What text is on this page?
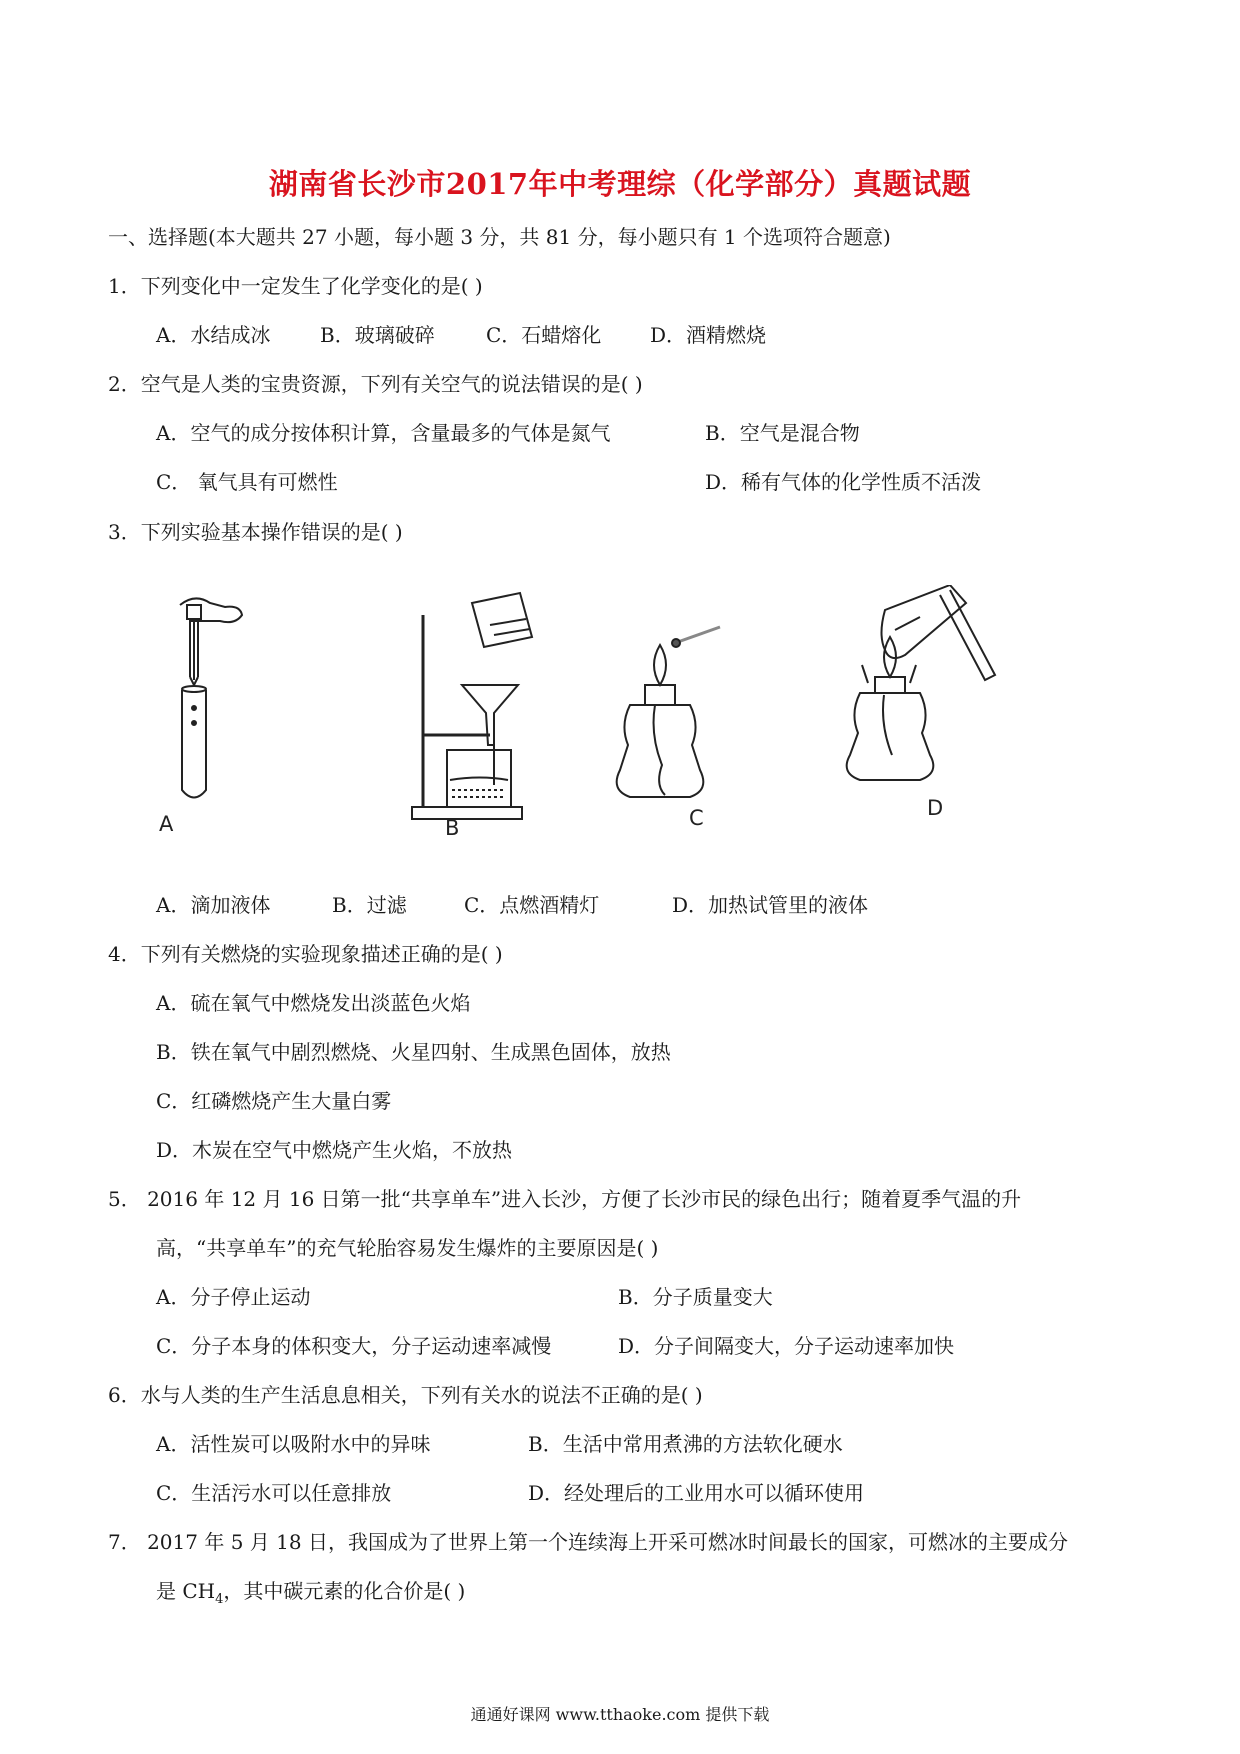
湖南省长沙市2017年中考理综（化学部分）真题试题
一、选择题(本大题共 27 小题，每小题 3 分，共 81 分，每小题只有 1 个选项符合题意)
1．下列变化中一定发生了化学变化的是( )
A．水结成冰 B．玻璃破碎	C．石蜡熔化 D．酒精燃烧
2．空气是人类的宝贵资源，下列有关空气的说法错误的是( )
A．空气的成分按体积计算，含量最多的气体是氮气	B．空气是混合物
C． 氧气具有可燃性	D．稀有气体的化学性质不活泼
3．下列实验基本操作错误的是( )
A	B	C	D
A．滴加液体	B．过滤	C．点燃酒精灯	D．加热试管里的液体
4．下列有关燃烧的实验现象描述正确的是( )
A．硫在氧气中燃烧发出淡蓝色火焰
B．铁在氧气中剧烈燃烧、火星四射、生成黑色固体，放热
C．红磷燃烧产生大量白雾
D．木炭在空气中燃烧产生火焰，不放热
5． 2016 年 12 月 16 日第一批“共享单车”进入长沙，方便了长沙市民的绿色出行；随着夏季气温的升
高，“共享单车”的充气轮胎容易发生爆炸的主要原因是( )
A．分子停止运动	B．分子质量变大
C．分子本身的体积变大，分子运动速率减慢	D．分子间隔变大，分子运动速率加快
6．水与人类的生产生活息息相关，下列有关水的说法不正确的是( )
A．活性炭可以吸附水中的异味	B．生活中常用煮沸的方法软化硬水
C．生活污水可以任意排放	D．经处理后的工业用水可以循环使用
7． 2017 年 5 月 18 日，我国成为了世界上第一个连续海上开采可燃冰时间最长的国家，可燃冰的主要成分
是 $CH_4$，其中碳元素的化合价是( )
通通好课网 www.tthaoke.com 提供下载
